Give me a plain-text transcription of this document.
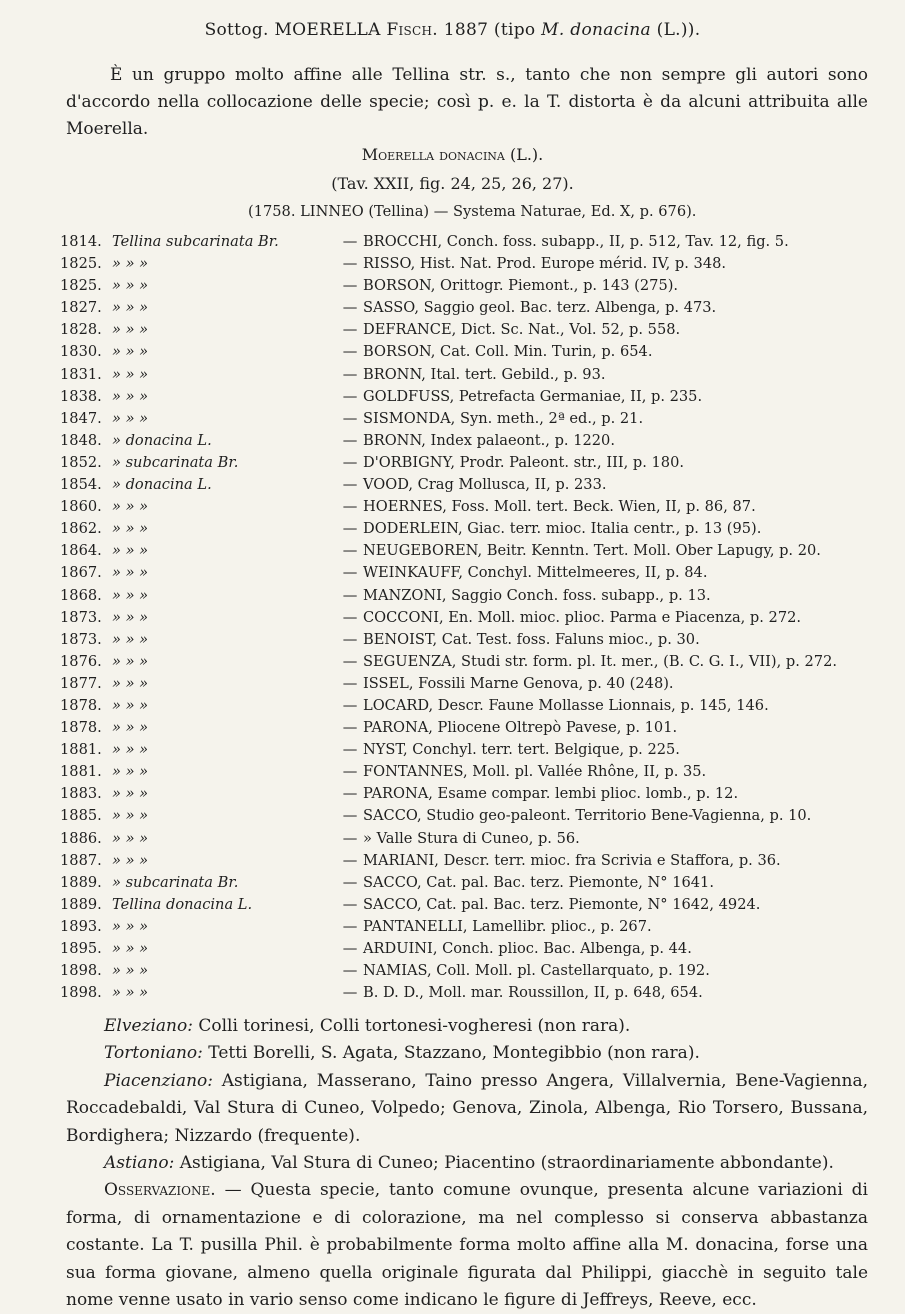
Sottog. MOERELLA Fisch. 1887 (tipo M. donacina (L.)).
È un gruppo molto affine alle Tellina str. s., tanto che non sempre gli autori sono d'accordo nella collocazione delle specie; così p. e. la T. distorta è da alcuni attribuita alle Moerella.
Moerella donacina (L.).
(Tav. XXII, fig. 24, 25, 26, 27).
(1758. LINNEO (Tellina) — Systema Naturae, Ed. X, p. 676).
1814. Tellina subcarinata Br.	— BROCCHI, Conch. foss. subapp., II, p. 512, Tav. 12, fig. 5.
1825. » » »	— RISSO, Hist. Nat. Prod. Europe mérid. IV, p. 348.
1825. » » »	— BORSON, Orittogr. Piemont., p. 143 (275).
1827. » » »	— SASSO, Saggio geol. Bac. terz. Albenga, p. 473.
1828. » » »	— DEFRANCE, Dict. Sc. Nat., Vol. 52, p. 558.
1830. » » »	— BORSON, Cat. Coll. Min. Turin, p. 654.
1831. » » »	— BRONN, Ital. tert. Gebild., p. 93.
1838. » » »	— GOLDFUSS, Petrefacta Germaniae, II, p. 235.
1847. » » »	— SISMONDA, Syn. meth., 2ª ed., p. 21.
1848. » donacina L.	— BRONN, Index palaeont., p. 1220.
1852. » subcarinata Br.	— D'ORBIGNY, Prodr. Paleont. str., III, p. 180.
1854. » donacina L.	— VOOD, Crag Mollusca, II, p. 233.
1860. » » »	— HOERNES, Foss. Moll. tert. Beck. Wien, II, p. 86, 87.
1862. » » »	— DODERLEIN, Giac. terr. mioc. Italia centr., p. 13 (95).
1864. » » »	— NEUGEBOREN, Beitr. Kenntn. Tert. Moll. Ober Lapugy, p. 20.
1867. » » »	— WEINKAUFF, Conchyl. Mittelmeeres, II, p. 84.
1868. » » »	— MANZONI, Saggio Conch. foss. subapp., p. 13.
1873. » » »	— COCCONI, En. Moll. mioc. plioc. Parma e Piacenza, p. 272.
1873. » » »	— BENOIST, Cat. Test. foss. Faluns mioc., p. 30.
1876. » » »	— SEGUENZA, Studi str. form. pl. It. mer., (B. C. G. I., VII), p. 272.
1877. » » »	— ISSEL, Fossili Marne Genova, p. 40 (248).
1878. » » »	— LOCARD, Descr. Faune Mollasse Lionnais, p. 145, 146.
1878. » » »	— PARONA, Pliocene Oltrepò Pavese, p. 101.
1881. » » »	— NYST, Conchyl. terr. tert. Belgique, p. 225.
1881. » » »	— FONTANNES, Moll. pl. Vallée Rhône, II, p. 35.
1883. » » »	— PARONA, Esame compar. lembi plioc. lomb., p. 12.
1885. » » »	— SACCO, Studio geo-paleont. Territorio Bene-Vagienna, p. 10.
1886. » » »	— » Valle Stura di Cuneo, p. 56.
1887. » » »	— MARIANI, Descr. terr. mioc. fra Scrivia e Staffora, p. 36.
1889. » subcarinata Br.	— SACCO, Cat. pal. Bac. terz. Piemonte, N° 1641.
1889. Tellina donacina L.	— SACCO, Cat. pal. Bac. terz. Piemonte, N° 1642, 4924.
1893. » » »	— PANTANELLI, Lamellibr. plioc., p. 267.
1895. » » »	— ARDUINI, Conch. plioc. Bac. Albenga, p. 44.
1898. » » »	— NAMIAS, Coll. Moll. pl. Castellarquato, p. 192.
1898. » » »	— B. D. D., Moll. mar. Roussillon, II, p. 648, 654.

Elveziano: Colli torinesi, Colli tortonesi-vogheresi (non rara).

Tortoniano: Tetti Borelli, S. Agata, Stazzano, Montegibbio (non rara).

Piacenziano: Astigiana, Masserano, Taino presso Angera, Villalvernia, Bene-Vagienna, Roccadebaldi, Val Stura di Cuneo, Volpedo; Genova, Zinola, Albenga, Rio Torsero, Bussana, Bordighera; Nizzardo (frequente).

Astiano: Astigiana, Val Stura di Cuneo; Piacentino (straordinariamente abbondante).

Osservazione. — Questa specie, tanto comune ovunque, presenta alcune variazioni di forma, di ornamentazione e di colorazione, ma nel complesso si conserva abbastanza costante. La T. pusilla Phil. è probabilmente forma molto affine alla M. donacina, forse una sua forma giovane, almeno quella originale figurata dal Philippi, giacchè in seguito tale nome venne usato in vario senso come indicano le figure di Jeffreys, Reeve, ecc.
